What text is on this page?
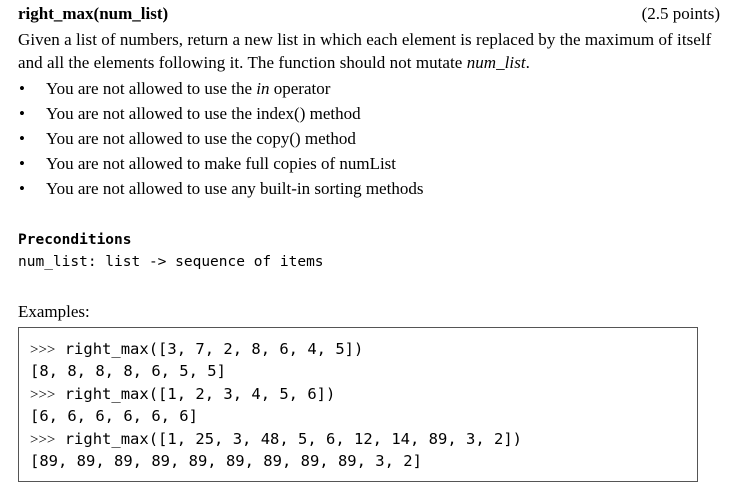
right_max(num_list)	(2.5 points)

Given a list of numbers, return a new list in which each element is replaced by the maximum of itself and all the elements following it. The function should not mutate num_list.

• You are not allowed to use the in operator
• You are not allowed to use the index() method
• You are not allowed to use the copy() method
• You are not allowed to make full copies of numList
• You are not allowed to use any built-in sorting methods
Preconditions
num_list: list -> sequence of items
Examples:
>>> right_max([3, 7, 2, 8, 6, 4, 5])
[8, 8, 8, 8, 6, 5, 5]
>>> right_max([1, 2, 3, 4, 5, 6])
[6, 6, 6, 6, 6, 6]
>>> right_max([1, 25, 3, 48, 5, 6, 12, 14, 89, 3, 2])
[89, 89, 89, 89, 89, 89, 89, 89, 89, 3, 2]
